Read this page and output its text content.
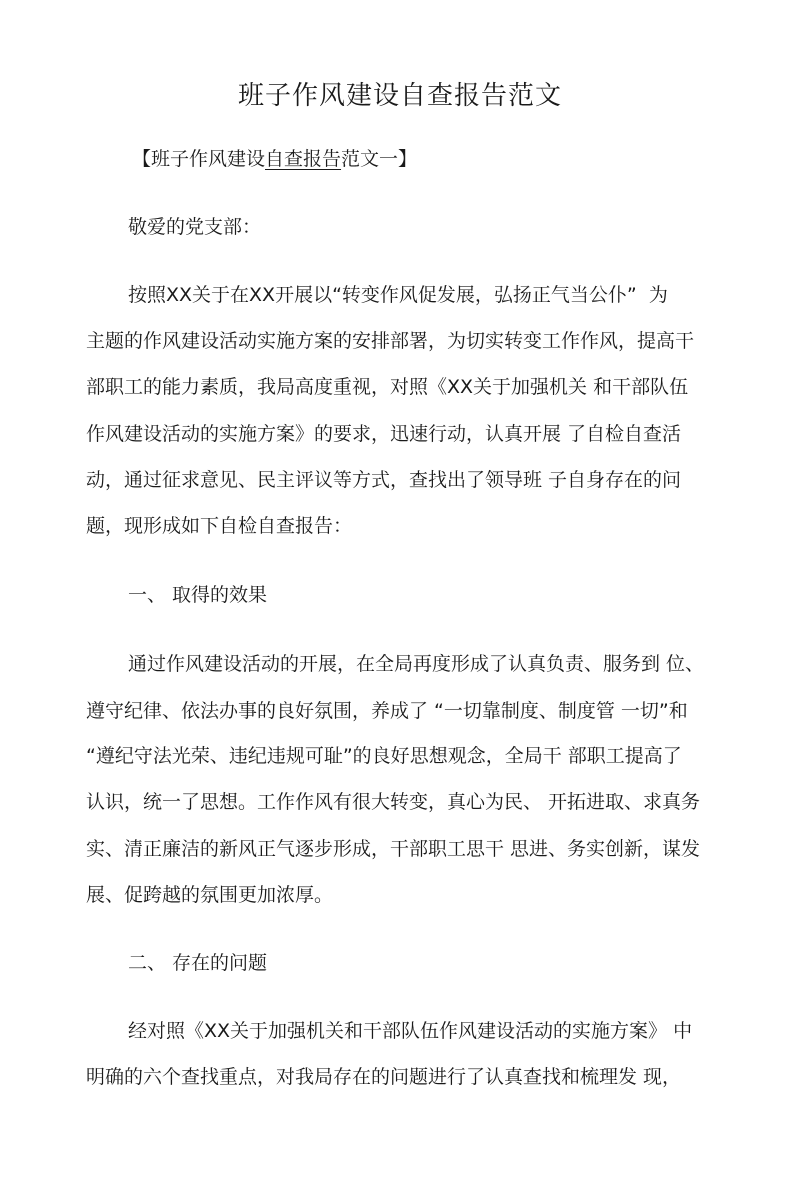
班子作风建设自查报告范文
【班子作风建设自查报告范文一】
敬爱的党支部：
按照XX关于在XX开展以“转变作风促发展，弘扬正气当公仆”  为
主题的作风建设活动实施方案的安排部署，为切实转变工作作风，提高干
部职工的能力素质，我局高度重视，对照《XX关于加强机关 和干部队伍
作风建设活动的实施方案》的要求，迅速行动，认真开展 了自检自查活
动，通过征求意见、民主评议等方式，查找出了领导班 子自身存在的问
题，现形成如下自检自查报告：
一、 取得的效果
通过作风建设活动的开展，在全局再度形成了认真负责、服务到 位、
遵守纪律、依法办事的良好氛围，养成了 “一切靠制度、制度管 一切”和
“遵纪守法光荣、违纪违规可耻”的良好思想观念，全局干 部职工提高了
认识，统一了思想。工作作风有很大转变，真心为民、 开拓进取、求真务
实、清正廉洁的新风正气逐步形成，干部职工思干 思进、务实创新，谋发
展、促跨越的氛围更加浓厚。
二、 存在的问题
经对照《XX关于加强机关和干部队伍作风建设活动的实施方案》 中
明确的六个查找重点，对我局存在的问题进行了认真查找和梳理发 现，
